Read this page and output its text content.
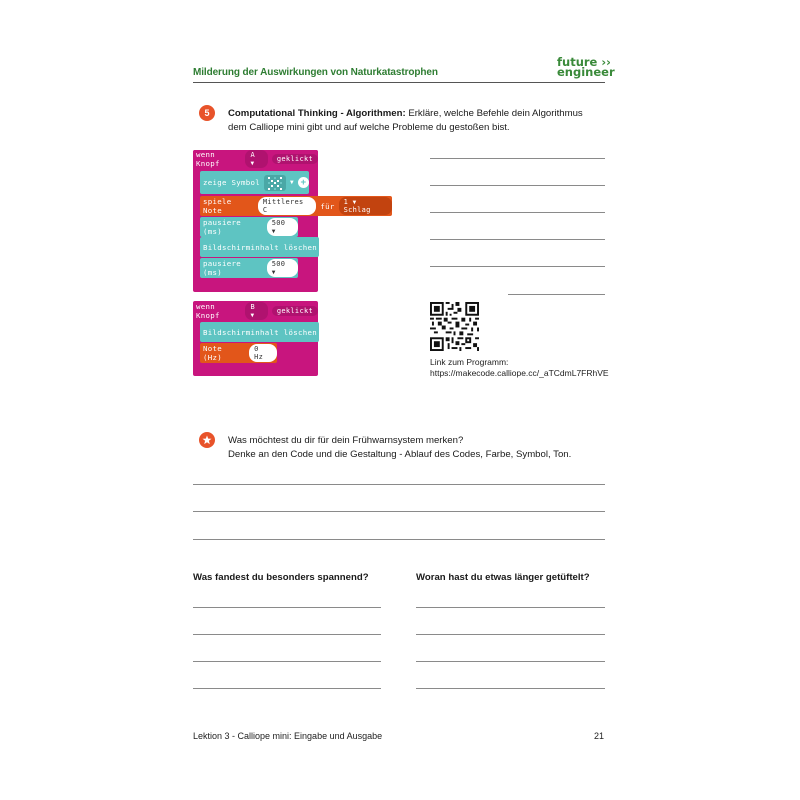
Milderung der Auswirkungen von Naturkatastrophen
future ››
engineer
5	Computational Thinking - Algorithmen: Erkläre, welche Befehle dein Algorithmus
dem Calliope mini gibt und auf welche Probleme du gestoßen bist.
wenn Knopf
A ▼
geklickt
zeige Symbol	▼ +
spiele Note
Mittleres C	für	1 ▼ Schlag
pausiere (ms)
500 ▼
Bildschirminhalt löschen
pausiere (ms)
500 ▼
wenn Knopf
B ▼
geklickt
Bildschirminhalt löschen
Note (Hz)
0 Hz	Link zum Programm:
https://makecode.calliope.cc/_aTCdmL7FRhVE
Was möchtest du dir für dein Frühwarnsystem merken?
Denke an den Code und die Gestaltung - Ablauf des Codes, Farbe, Symbol, Ton.
Was fandest du besonders spannend?	Woran hast du etwas länger getüftelt?
Lektion 3 - Calliope mini: Eingabe und Ausgabe	21
